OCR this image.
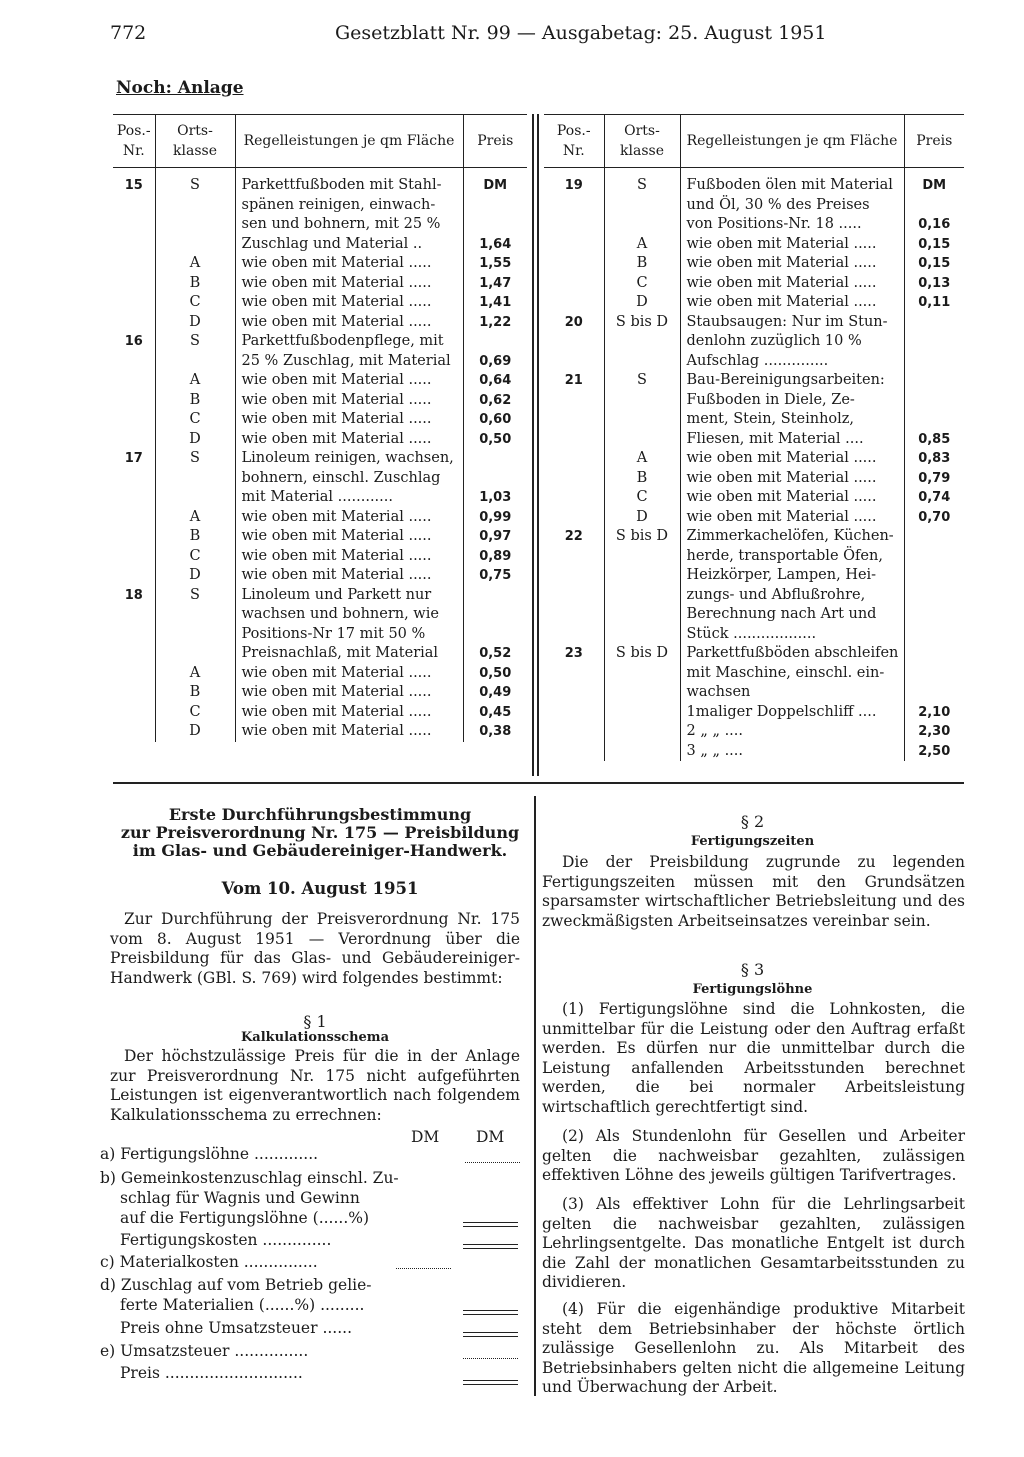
772	Gesetzblatt Nr. 99 — Ausgabetag: 25. August 1951
Noch: Anlage
Pos.- Nr.	Orts- klasse	Regelleistungen je qm Fläche	Preis

15	S	Parkettfußboden mit Stahl-	DM
		spänen reinigen, einwach-	
		sen und bohnern, mit 25 %	
		Zuschlag und Material ..	1,64
	A	wie oben mit Material .....	1,55
	B	wie oben mit Material .....	1,47
	C	wie oben mit Material .....	1,41
	D	wie oben mit Material .....	1,22
16	S	Parkettfußbodenpflege, mit	
		25 % Zuschlag, mit Material	0,69
	A	wie oben mit Material .....	0,64
	B	wie oben mit Material .....	0,62
	C	wie oben mit Material .....	0,60
	D	wie oben mit Material .....	0,50
17	S	Linoleum reinigen, wachsen,	
		bohnern, einschl. Zuschlag	
		mit Material ............	1,03
	A	wie oben mit Material .....	0,99
	B	wie oben mit Material .....	0,97
	C	wie oben mit Material .....	0,89
	D	wie oben mit Material .....	0,75
18	S	Linoleum und Parkett nur	
		wachsen und bohnern, wie	
		Positions-Nr 17 mit 50 %	
		Preisnachlaß, mit Material	0,52
	A	wie oben mit Material .....	0,50
	B	wie oben mit Material .....	0,49
	C	wie oben mit Material .....	0,45
	D	wie oben mit Material .....	0,38
Pos.- Nr.	Orts- klasse	Regelleistungen je qm Fläche	Preis

19	S	Fußboden ölen mit Material	DM
		und Öl, 30 % des Preises	
		von Positions-Nr. 18 .....	0,16
	A	wie oben mit Material .....	0,15
	B	wie oben mit Material .....	0,15
	C	wie oben mit Material .....	0,13
	D	wie oben mit Material .....	0,11
20	S bis D	Staubsaugen: Nur im Stun-	
		denlohn zuzüglich 10 %	
		Aufschlag ..............	
21	S	Bau-Bereinigungsarbeiten:	
		Fußboden in Diele, Ze-	
		ment, Stein, Steinholz,	
		Fliesen, mit Material ....	0,85
	A	wie oben mit Material .....	0,83
	B	wie oben mit Material .....	0,79
	C	wie oben mit Material .....	0,74
	D	wie oben mit Material .....	0,70
22	S bis D	Zimmerkachelöfen, Küchen-	
		herde, transportable Öfen,	
		Heizkörper, Lampen, Hei-	
		zungs- und Abflußrohre,	
		Berechnung nach Art und	
		Stück ..................	
23	S bis D	Parkettfußböden abschleifen	
		mit Maschine, einschl. ein-	
		wachsen	
		1maliger Doppelschliff ....	2,10
		2 „ „ ....	2,30
		3 „ „ ....	2,50
Erste Durchführungsbestimmung
zur Preisverordnung Nr. 175 — Preisbildung
im Glas- und Gebäudereiniger-Handwerk.
Vom 10. August 1951
Zur Durchführung der Preisverordnung Nr. 175 vom 8. August 1951 — Verordnung über die Preisbildung für das Glas- und Gebäudereiniger-Handwerk (GBl. S. 769) wird folgendes bestimmt:
§ 1
Kalkulationsschema
Der höchstzulässige Preis für die in der Anlage zur Preisverordnung Nr. 175 nicht aufgeführten Leistungen ist eigenverantwortlich nach folgendem Kalkulationsschema zu errechnen:
DM DM
a) Fertigungslöhne .............
b) Gemeinkostenzuschlag einschl. Zu-
schlag für Wagnis und Gewinn
auf die Fertigungslöhne (......%)
Fertigungskosten ..............
c) Materialkosten ...............
d) Zuschlag auf vom Betrieb gelie-
ferte Materialien (......%) .........
Preis ohne Umsatzsteuer ......
e) Umsatzsteuer ...............
Preis ............................
§ 2
Fertigungszeiten
Die der Preisbildung zugrunde zu legenden Fertigungszeiten müssen mit den Grundsätzen sparsamster wirtschaftlicher Betriebsleitung und des zweckmäßigsten Arbeitseinsatzes vereinbar sein.
§ 3
Fertigungslöhne
(1) Fertigungslöhne sind die Lohnkosten, die unmittelbar für die Leistung oder den Auftrag erfaßt werden. Es dürfen nur die unmittelbar durch die Leistung anfallenden Arbeitsstunden berechnet werden, die bei normaler Arbeitsleistung wirtschaftlich gerechtfertigt sind.
(2) Als Stundenlohn für Gesellen und Arbeiter gelten die nachweisbar gezahlten, zulässigen effektiven Löhne des jeweils gültigen Tarifvertrages.
(3) Als effektiver Lohn für die Lehrlingsarbeit gelten die nachweisbar gezahlten, zulässigen Lehrlingsentgelte. Das monatliche Entgelt ist durch die Zahl der monatlichen Gesamtarbeitsstunden zu dividieren.
(4) Für die eigenhändige produktive Mitarbeit steht dem Betriebsinhaber der höchste örtlich zulässige Gesellenlohn zu. Als Mitarbeit des Betriebsinhabers gelten nicht die allgemeine Leitung und Überwachung der Arbeit.
